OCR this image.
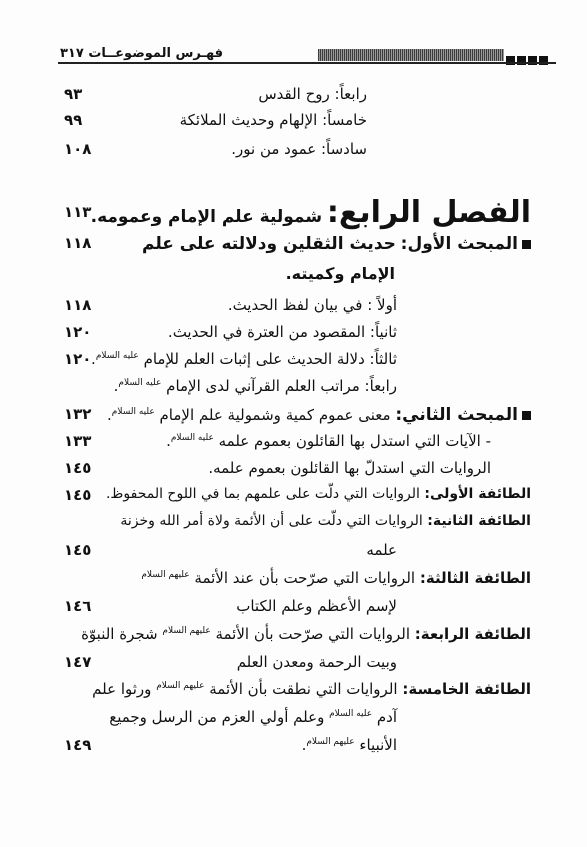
فهـرس الموضوعــات ٣١٧
٩٣	رابعاً: روح القدس
٩٩	خامساً: الإلهام وحديث الملائكة
١٠٨	سادساً: عمود من نور.
١١٣	الفصل الرابع: شمولية علم الإمام وعمومه.
١١٨	المبحث الأول: حديث الثقلين ودلالته على علم
الإمام وكميته.
١١٨	أولاً : في بيان لفظ الحديث.
١٢٠	ثانياً: المقصود من العترة في الحديث.
١٢٠	ثالثاً: دلالة الحديث على إثبات العلم للإمام $^{عليه السلام}$.
رابعاً: مراتب العلم القرآني لدى الإمام $^{عليه السلام}$.
١٣٢	المبحث الثاني: معنى عموم كمية وشمولية علم الإمام $^{عليه السلام}$.
١٣٣	- الآيات التي استدل بها القائلون بعموم علمه $^{عليه السلام}$.
١٤٥	الروايات التي استدلّ بها القائلون بعموم علمه.
١٤٥	الطائفة الأولى: الروايات التي دلّت على علمهم بما في اللوح المحفوظ.
الطائفة الثانية: الروايات التي دلّت على أن الأئمة ولاة أمر الله وخزنة
١٤٥	علمه
الطائفة الثالثة: الروايات التي صرّحت بأن عند الأئمة $^{عليهم السلام}$
١٤٦	لإسم الأعظم وعلم الكتاب
الطائفة الرابعة: الروايات التي صرّحت بأن الأئمة $^{عليهم السلام}$ شجرة النبوّة
١٤٧	وبيت الرحمة ومعدن العلم
الطائفة الخامسة: الروايات التي نطقت بأن الأئمة $^{عليهم السلام}$ ورثوا علم
آدم $^{عليه السلام}$ وعلم أولي العزم من الرسل وجميع
١٤٩	الأنبياء $^{عليهم السلام}$.
